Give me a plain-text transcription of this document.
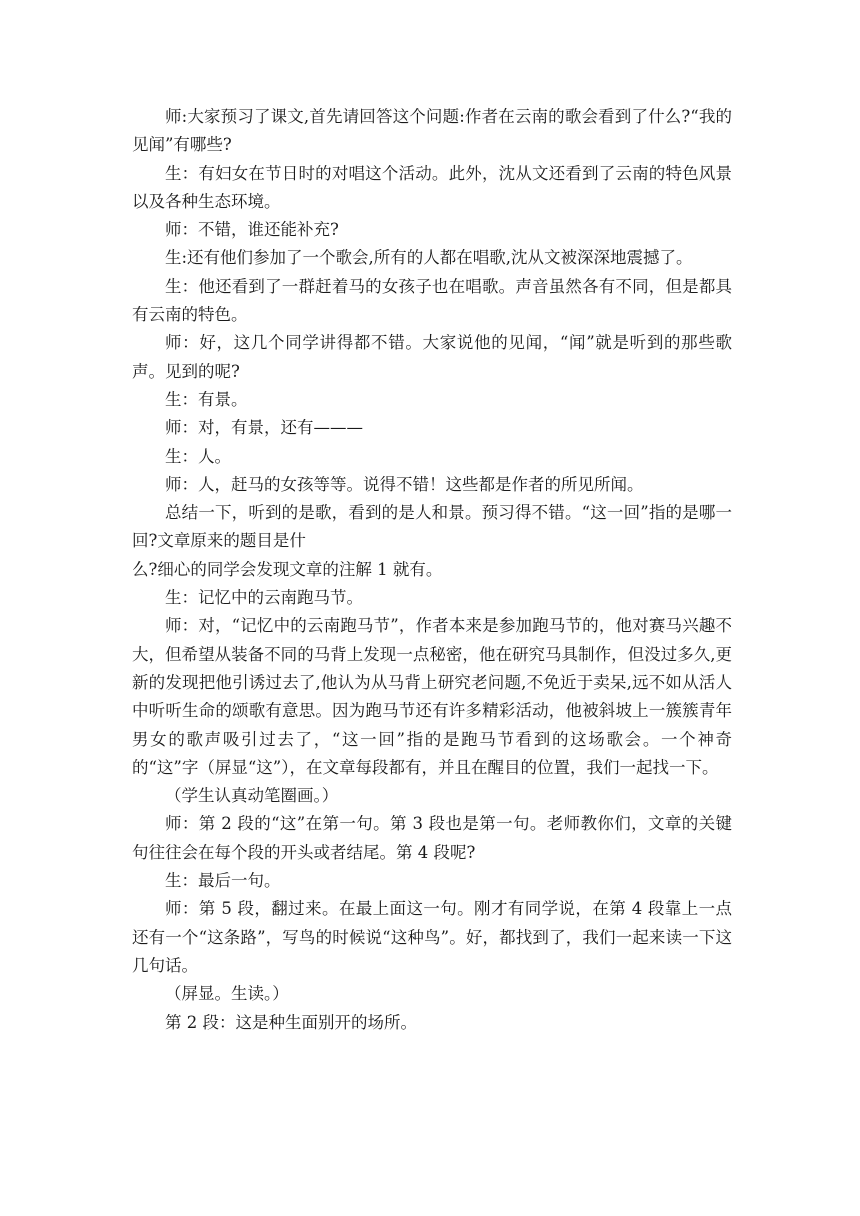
师:大家预习了课文,首先请回答这个问题:作者在云南的歌会看到了什么?“我的见闻”有哪些?

生：有妇女在节日时的对唱这个活动。此外，沈从文还看到了云南的特色风景以及各种生态环境。

师：不错，谁还能补充?

生:还有他们参加了一个歌会,所有的人都在唱歌,沈从文被深深地震撼了。

生：他还看到了一群赶着马的女孩子也在唱歌。声音虽然各有不同，但是都具有云南的特色。

师：好，这几个同学讲得都不错。大家说他的见闻，“闻”就是听到的那些歌声。见到的呢?

生：有景。

师：对，有景，还有———

生：人。

师：人，赶马的女孩等等。说得不错！这些都是作者的所见所闻。

总结一下，听到的是歌，看到的是人和景。预习得不错。“这一回”指的是哪一回?文章原来的题目是什

么?细心的同学会发现文章的注解 1 就有。

生：记忆中的云南跑马节。

师：对，“记忆中的云南跑马节”，作者本来是参加跑马节的，他对赛马兴趣不大，但希望从装备不同的马背上发现一点秘密，他在研究马具制作，但没过多久,更新的发现把他引诱过去了,他认为从马背上研究老问题,不免近于卖呆,远不如从活人中听听生命的颂歌有意思。因为跑马节还有许多精彩活动，他被斜坡上一簇簇青年男女的歌声吸引过去了，“这一回”指的是跑马节看到的这场歌会。一个神奇的“这”字（屏显“这”），在文章每段都有，并且在醒目的位置，我们一起找一下。

（学生认真动笔圈画。）

师：第 2 段的“这”在第一句。第 3 段也是第一句。老师教你们，文章的关键句往往会在每个段的开头或者结尾。第 4 段呢?

生：最后一句。

师：第 5 段，翻过来。在最上面这一句。刚才有同学说，在第 4 段靠上一点还有一个“这条路”，写鸟的时候说“这种鸟”。好，都找到了，我们一起来读一下这几句话。

（屏显。生读。）

第 2 段：这是种生面别开的场所。
